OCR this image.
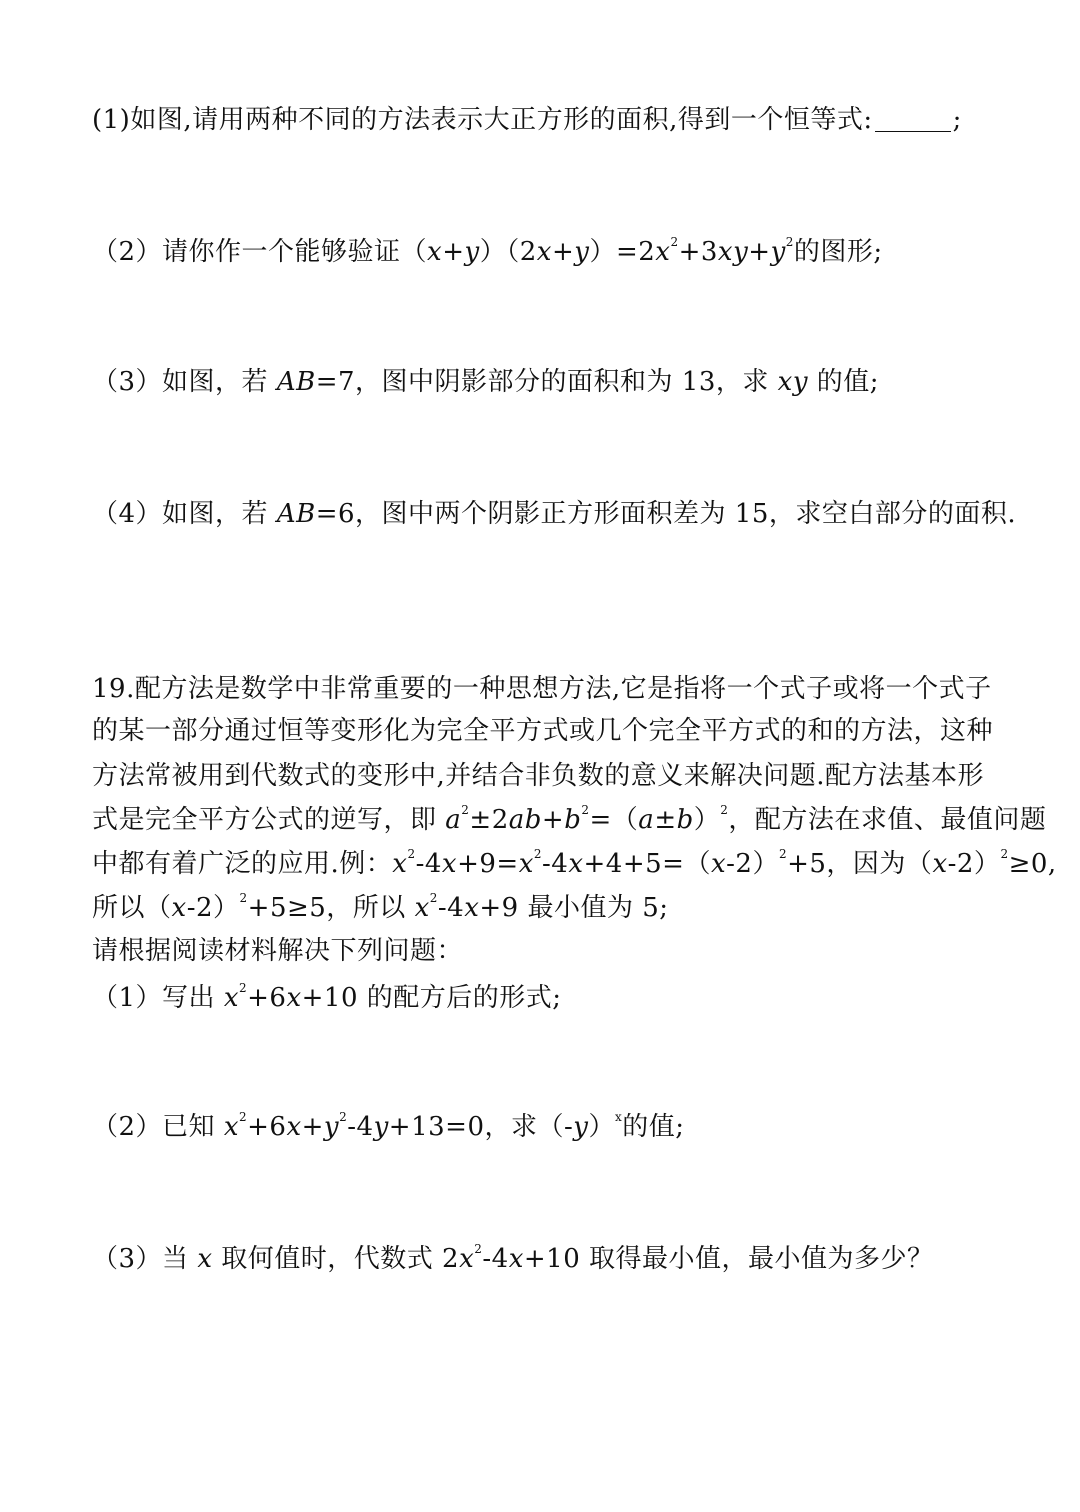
(1)如图,请用两种不同的方法表示大正方形的面积,得到一个恒等式:	;
（2）请你作一个能够验证$(x+y)(2x+y)=2x^2+3xy+y^2$的图形;
（3）如图，若 AB=7，图中阴影部分的面积和为 13，求 xy 的值;
（4）如图，若 AB=6，图中两个阴影正方形面积差为 15，求空白部分的面积.
19.配方法是数学中非常重要的一种思想方法,它是指将一个式子或将一个式子
的某一部分通过恒等变形化为完全平方式或几个完全平方式的和的方法，这种
方法常被用到代数式的变形中,并结合非负数的意义来解决问题.配方法基本形
式是完全平方公式的逆写，即 $a^2\pm 2ab+b^2=(a\pm b)^2$，配方法在求值、最值问题
中都有着广泛的应用.例：$x^2-4x+9=x^2-4x+4+5=(x-2)^2+5$，因为$(x-2)^2\ge 0$,
所以$(x-2)^2+5\ge 5$，所以 $x^2-4x+9$ 最小值为 5;
请根据阅读材料解决下列问题：
（1）写出 $x^2+6x+10$ 的配方后的形式;
（2）已知 $x^2+6x+y^2-4y+13=0$，求$(-y)^x$的值;
（3）当 x 取何值时，代数式 $2x^2-4x+10$ 取得最小值，最小值为多少？
